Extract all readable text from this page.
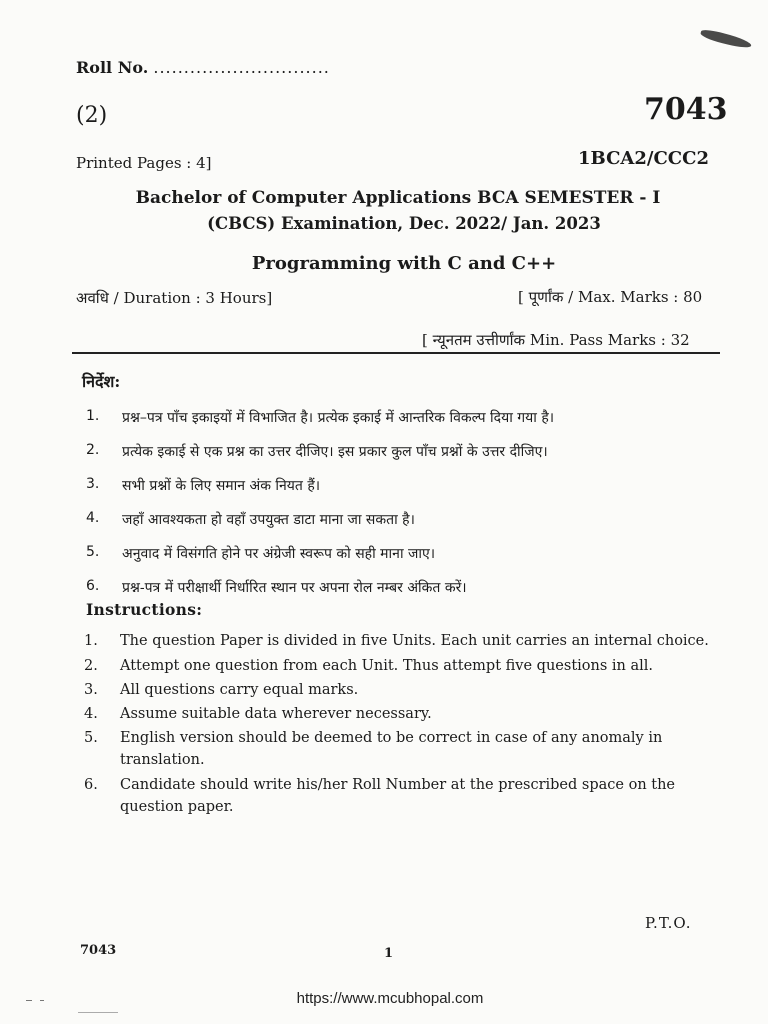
Roll No. .............................
(2)	7043
Printed Pages : 4]	1BCA2/CCC2
Bachelor of Computer Applications BCA SEMESTER - I
(CBCS) Examination, Dec. 2022/ Jan. 2023
Programming with C and C++
अवधि / Duration : 3 Hours]	[ पूर्णांक / Max. Marks : 80
[ न्यूनतम उत्तीर्णांक Min. Pass Marks : 32
निर्देश:
1.	प्रश्न–पत्र पाँच इकाइयों में विभाजित है। प्रत्येक इकाई में आन्तरिक विकल्प दिया गया है।
2.	प्रत्येक इकाई से एक प्रश्न का उत्तर दीजिए। इस प्रकार कुल पाँच प्रश्नों के उत्तर दीजिए।
3.	सभी प्रश्नों के लिए समान अंक नियत हैं।
4.	जहाँ आवश्यकता हो वहाँ उपयुक्त डाटा माना जा सकता है।
5.	अनुवाद में विसंगति होने पर अंग्रेजी स्वरूप को सही माना जाए।
6.	प्रश्न-पत्र में परीक्षार्थी निर्धारित स्थान पर अपना रोल नम्बर अंकित करें।
Instructions:
1.	The question Paper is divided in five Units. Each unit carries an internal choice.
2.	Attempt one question from each Unit. Thus attempt five questions in all.
3.	All questions carry equal marks.
4.	Assume suitable data wherever necessary.
5.	English version should be deemed to be correct in case of any anomaly in translation.
6.	Candidate should write his/her Roll Number at the prescribed space on the question paper.
P.T.O.
7043	1
https://www.mcubhopal.com
